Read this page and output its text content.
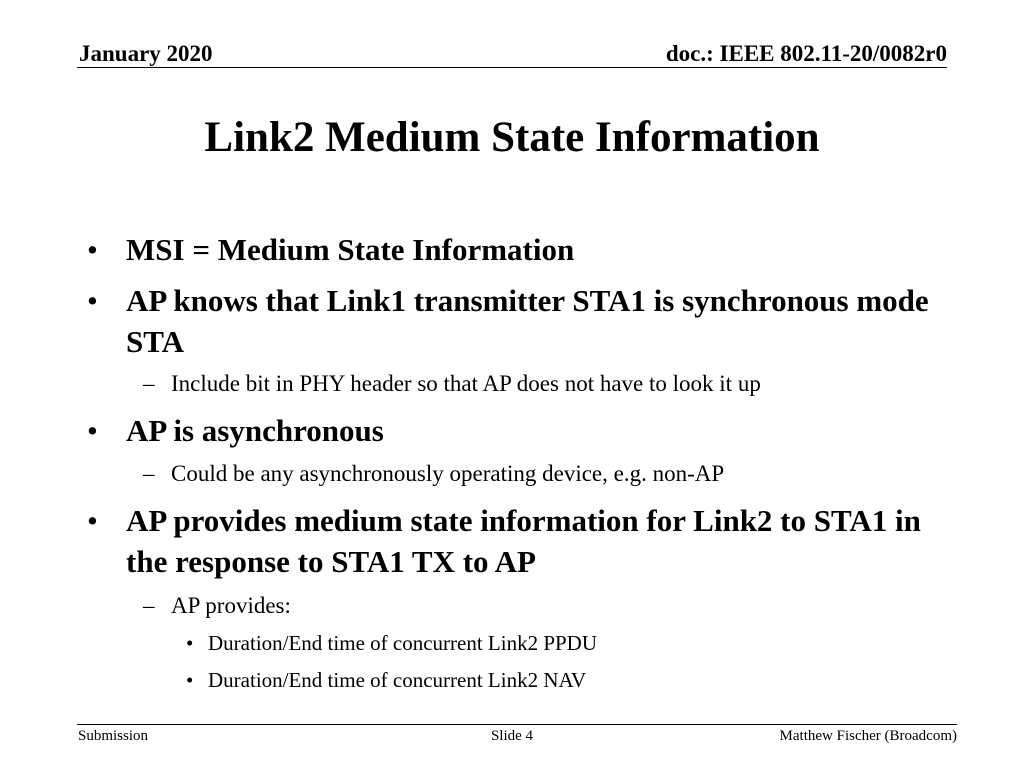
January 2020	doc.: IEEE 802.11-20/0082r0
Link2 Medium State Information
• MSI = Medium State Information
• AP knows that Link1 transmitter STA1 is synchronous mode STA
– Include bit in PHY header so that AP does not have to look it up
• AP is asynchronous
– Could be any asynchronously operating device, e.g. non-AP
• AP provides medium state information for Link2 to STA1 in the response to STA1 TX to AP
– AP provides:
• Duration/End time of concurrent Link2 PPDU
• Duration/End time of concurrent Link2 NAV
Submission	Slide 4	Matthew Fischer (Broadcom)
